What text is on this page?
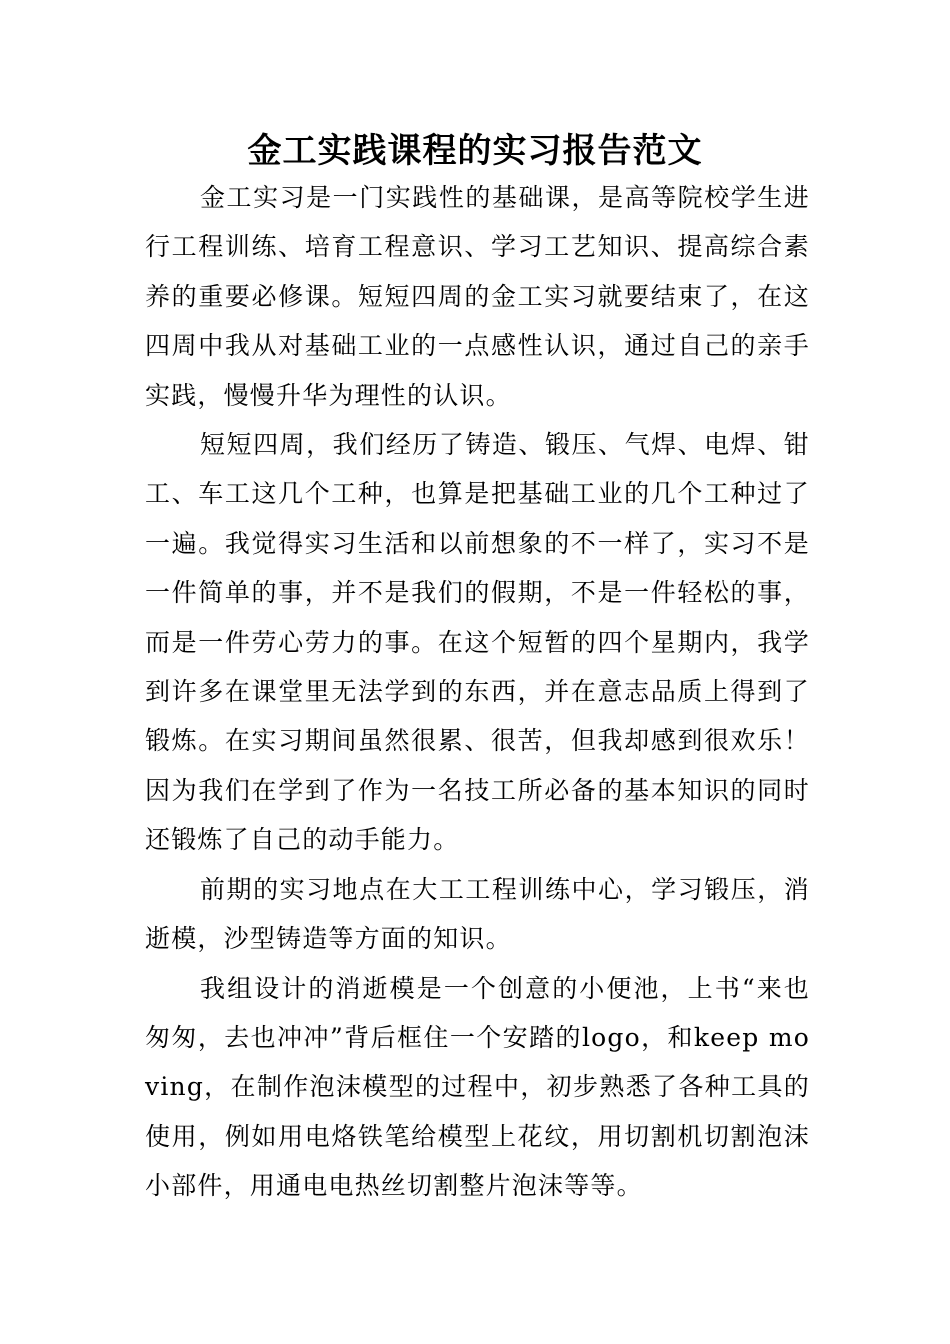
金工实践课程的实习报告范文

金工实习是一门实践性的基础课，是高等院校学生进行工程训练、培育工程意识、学习工艺知识、提高综合素养的重要必修课。短短四周的金工实习就要结束了，在这四周中我从对基础工业的一点感性认识，通过自己的亲手实践，慢慢升华为理性的认识。

短短四周，我们经历了铸造、锻压、气焊、电焊、钳工、车工这几个工种，也算是把基础工业的几个工种过了一遍。我觉得实习生活和以前想象的不一样了，实习不是一件简单的事，并不是我们的假期，不是一件轻松的事，而是一件劳心劳力的事。在这个短暂的四个星期内，我学到许多在课堂里无法学到的东西，并在意志品质上得到了锻炼。在实习期间虽然很累、很苦，但我却感到很欢乐！因为我们在学到了作为一名技工所必备的基本知识的同时还锻炼了自己的动手能力。

前期的实习地点在大工工程训练中心，学习锻压，消逝模，沙型铸造等方面的知识。

我组设计的消逝模是一个创意的小便池，上书“来也匆匆，去也冲冲”背后框住一个安踏的logo，和keep moving，在制作泡沫模型的过程中，初步熟悉了各种工具的使用，例如用电烙铁笔给模型上花纹，用切割机切割泡沫小部件，用通电电热丝切割整片泡沫等等。
